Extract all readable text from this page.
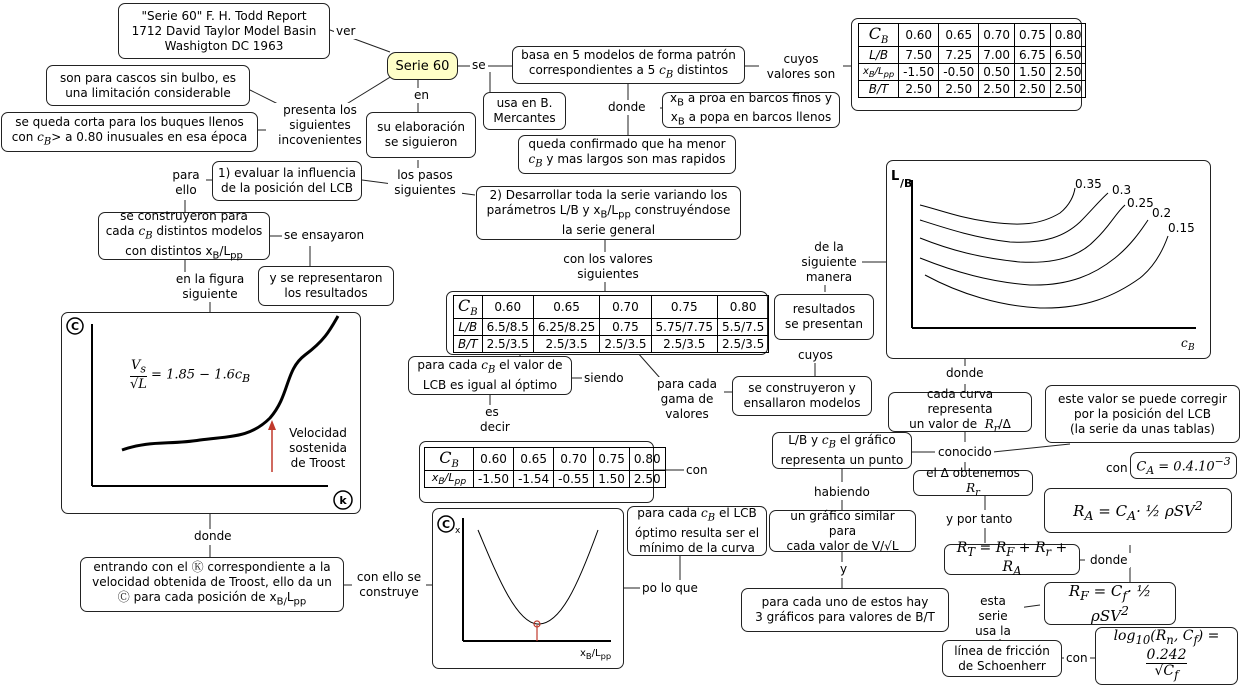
"Serie 60" F. H. Todd Report
1712 David Taylor Model Basin
Washigton DC 1963
ver
Serie 60 se
en
son para cascos sin bulbo, es
una limitación considerable
presenta los
siguientes
incovenientes
se queda corta para los buques llenos
con $c_B> a$ 0.80 inusuales en esa época
su elaboración
se siguieron
basa en 5 modelos de forma patrón
correspondientes a 5 $c_B$ distintos
usa en B.
Mercantes
donde
$x_B$ a proa en barcos finos y
$x_B$ a popa en barcos llenos
queda confirmado que ha menor
$c_B$ y mas largos son mas rapidos
cuyos
valores son
$C_B$	0.60	0.65	0.70	0.75	0.80
L/B	7.50	7.25	7.00	6.75	6.50
$x_B/L_{pp}$	-1.50	-0.50	0.50	1.50	2.50
B/T	2.50	2.50	2.50	2.50	2.50
para
ello
1) evaluar la influencia
de la posición del LCB
los pasos
siguientes	2) Desarrollar toda la serie variando los
parámetros L/B y $x_B/L_{pp}$ construyéndose
la serie general
se construyeron para
cada $c_B$ distintos modelos
con distintos $x_B/L_{pp}$
se ensayaron
y se representaron
los resultados
en la figura
siguiente
con los valores
siguientes
$C_B$	0.60	0.65	0.70	0.75	0.80
L/B	6.5/8.5	6.25/8.25	0.75	5.75/7.75	5.5/7.5
B/T	2.5/3.5	2.5/3.5	2.5/3.5	2.5/3.5	2.5/3.5
para cada $c_B$ el valor de
LCB es igual al óptimo siendo	para cada
gama de
valores
es
decir
$C_B$	0.60	0.65	0.70	0.75	0.80
$x_B/L_{pp}$	-1.50	-1.54	-0.55	1.50	2.50
con
C
k
$\frac{V_s}{√L} = 1.85 - 1.6c_B$
Velocidad
sostenida
de Troost
donde
entrando con el Ⓚ correspondiente a la
velocidad obtenida de Troost, ello da un
Ⓒ para cada posición de $x_{B/}L_{pp}$
con ello se
construye
C x
$x_B/L_{pp}$
para cada $c_B$ el LCB
óptimo resulta ser el
mínimo de la curva
po lo que
0.35 0.3
0.25
0.2
0.15
L /B
c B
de la
siguiente
manera
resultados
se presentan
cuyos
se construyeron y
ensallaron modelos
donde
cada curva representa
un valor de  $R_r/\Delta$
este valor se puede corregir
por la posición del LCB
(la serie da unas tablas)
L/B y $c_B$ el gráfico
representa un punto
conocido
el Δ obtenemos $R_r$
habiendo
un gráfico similar para
cada valor de V/√L
y
para cada uno de estos hay
3 gráficos para valores de B/T
y por tanto
con $C_A = 0.4.10^{-3}$
$R_A = C_A\cdot$ ½ ρSV$^2$
$R_T = R_F + R_r + R_A$
donde
$R_F = C_f\cdot$ ½ ρSV$^2$
esta serie
usa la
línea de fricción
de Schoenherr
con
$\log_{10}(R_n$, $C_f$) =
$\frac{0.242}{√C_f}$
